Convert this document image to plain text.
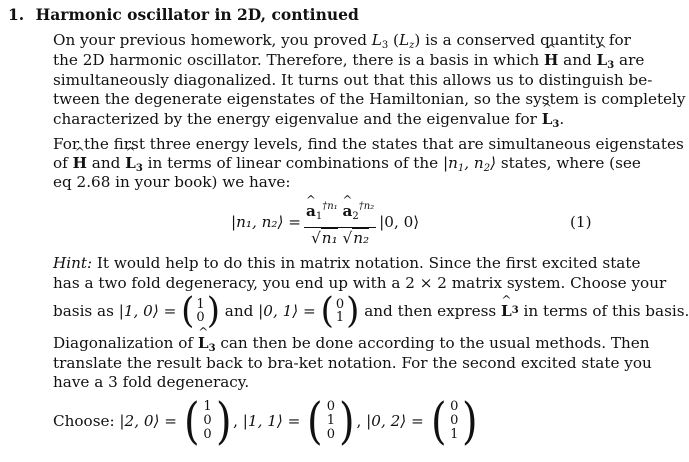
1. Harmonic oscillator in 2D, continued
On your previous homework, you proved $L_3$ $(L_z)$ is a conserved quantity for
the 2D harmonic oscillator. Therefore, there is a basis in which ^ H and ^ $L_3$ are
simultaneously diagonalized. It turns out that this allows us to distinguish be-
tween the degenerate eigenstates of the Hamiltonian, so the system is completely
characterized by the energy eigenvalue and the eigenvalue for ^ $L_3$.
For the first three energy levels, find the states that are simultaneous eigenstates
of ^ H and ^ $L_3$ in terms of linear combinations of the $|n_1$, $n_2⟩$ states, where (see
eq 2.68 in your book) we have:
|n₁, n₂⟩ = ^ $\frac{a_1^{\dagger n_1} \^{} a_2^{\dagger n_2}}{\text{√n₁ √n₂}} |0$, 0⟩	(1)
Hint: It would help to do this in matrix notation. Since the first excited state
has a two fold degeneracy, you end up with a 2 × 2 matrix system. Choose your
basis as
|1, 0⟩ =
( 1
0 )
and
|0, 1⟩ =
( 0
1 )
and then express
^ L 3
in terms of this basis.
Diagonalization of ^ $L_3$ can then be done according to the usual methods. Then
translate the result back to bra-ket notation. For the second excited state you
have a 3 fold degeneracy.
Choose:
|2, 0⟩ =
( 1
0
0 ) ,
|1, 1⟩ =
( 0
1
0 ) ,
|0, 2⟩ =
( 0
0
1 )
